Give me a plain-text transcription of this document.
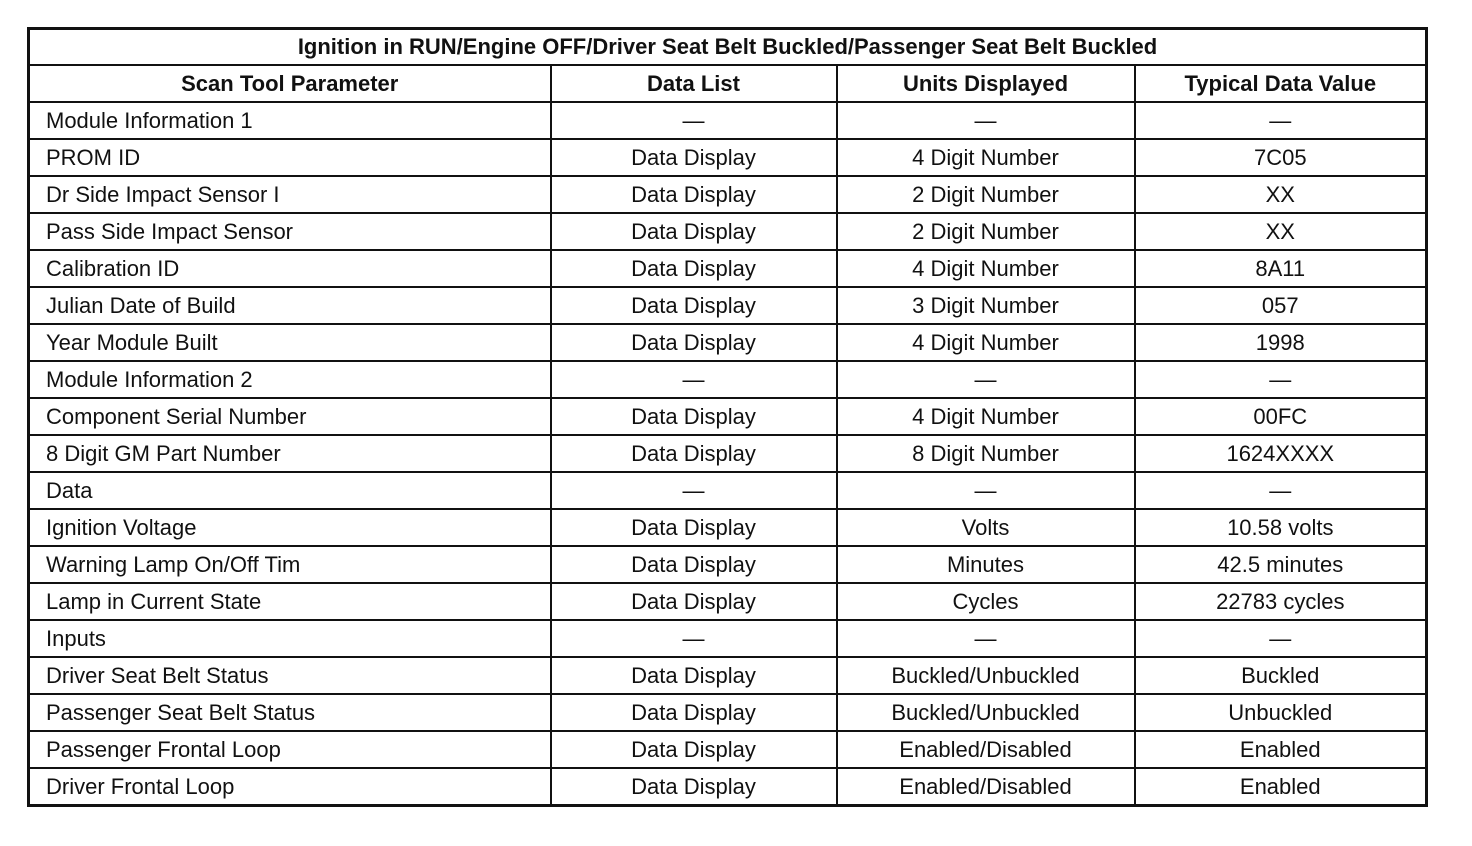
Ignition in RUN/Engine OFF/Driver Seat Belt Buckled/Passenger Seat Belt Buckled			
Scan Tool Parameter	Data List	Units Displayed	Typical Data Value
Module Information 1	—	—	—
PROM ID	Data Display	4 Digit Number	7C05
Dr Side Impact Sensor I	Data Display	2 Digit Number	XX
Pass Side Impact Sensor	Data Display	2 Digit Number	XX
Calibration ID	Data Display	4 Digit Number	8A11
Julian Date of Build	Data Display	3 Digit Number	057
Year Module Built	Data Display	4 Digit Number	1998
Module Information 2	—	—	—
Component Serial Number	Data Display	4 Digit Number	00FC
8 Digit GM Part Number	Data Display	8 Digit Number	1624XXXX
Data	—	—	—
Ignition Voltage	Data Display	Volts	10.58 volts
Warning Lamp On/Off Tim	Data Display	Minutes	42.5 minutes
Lamp in Current State	Data Display	Cycles	22783 cycles
Inputs	—	—	—
Driver Seat Belt Status	Data Display	Buckled/Unbuckled	Buckled
Passenger Seat Belt Status	Data Display	Buckled/Unbuckled	Unbuckled
Passenger Frontal Loop	Data Display	Enabled/Disabled	Enabled
Driver Frontal Loop	Data Display	Enabled/Disabled	Enabled
